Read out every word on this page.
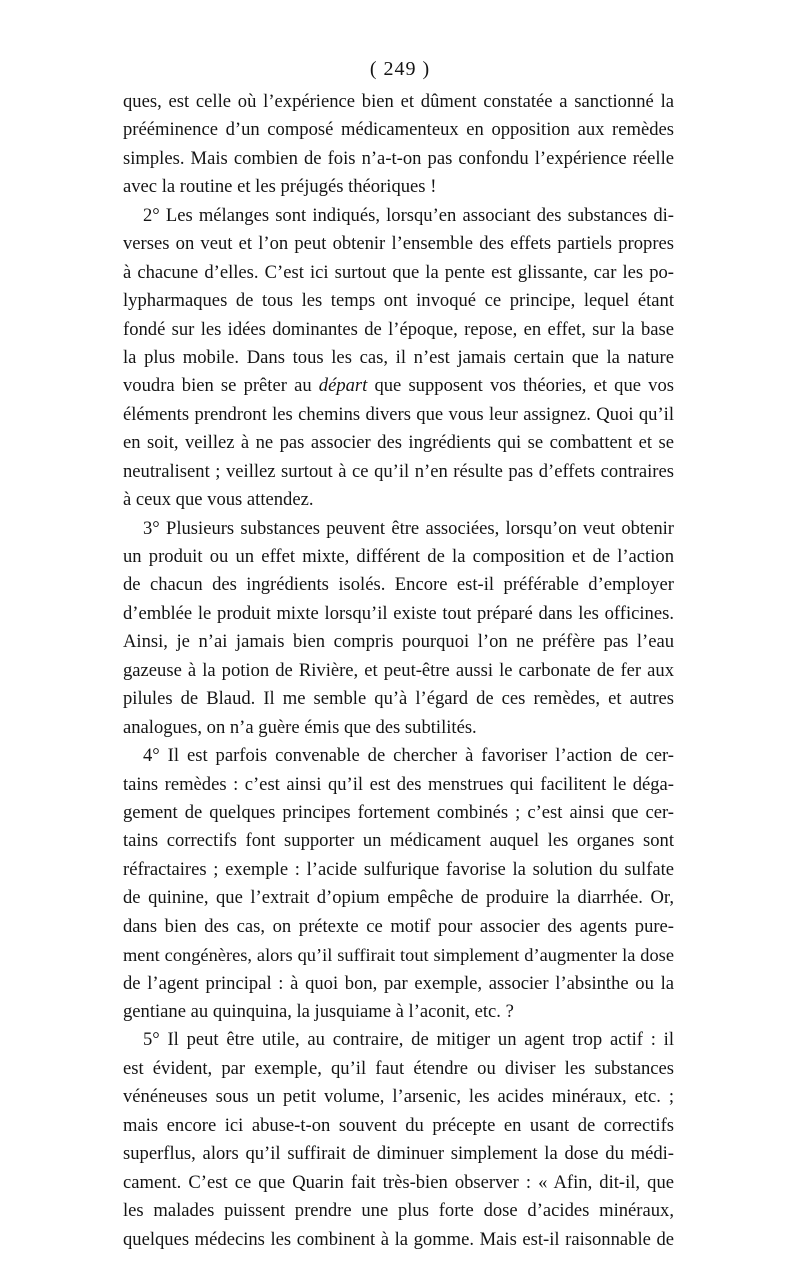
( 249 )
ques, est celle où l’expérience bien et dûment constatée a sanctionné la
prééminence d’un composé médicamenteux en opposition aux remèdes
simples. Mais combien de fois n’a-t-on pas confondu l’expérience réelle
avec la routine et les préjugés théoriques !
2° Les mélanges sont indiqués, lorsqu’en associant des substances di-
verses on veut et l’on peut obtenir l’ensemble des effets partiels propres
à chacune d’elles. C’est ici surtout que la pente est glissante, car les po-
lypharmaques de tous les temps ont invoqué ce principe, lequel étant
fondé sur les idées dominantes de l’époque, repose, en effet, sur la base
la plus mobile. Dans tous les cas, il n’est jamais certain que la nature
voudra bien se prêter au départ que supposent vos théories, et que vos
éléments prendront les chemins divers que vous leur assignez. Quoi qu’il
en soit, veillez à ne pas associer des ingrédients qui se combattent et se
neutralisent ; veillez surtout à ce qu’il n’en résulte pas d’effets contraires
à ceux que vous attendez.
3° Plusieurs substances peuvent être associées, lorsqu’on veut obtenir
un produit ou un effet mixte, différent de la composition et de l’action
de chacun des ingrédients isolés. Encore est-il préférable d’employer
d’emblée le produit mixte lorsqu’il existe tout préparé dans les officines.
Ainsi, je n’ai jamais bien compris pourquoi l’on ne préfère pas l’eau
gazeuse à la potion de Rivière, et peut-être aussi le carbonate de fer aux
pilules de Blaud. Il me semble qu’à l’égard de ces remèdes, et autres
analogues, on n’a guère émis que des subtilités.
4° Il est parfois convenable de chercher à favoriser l’action de cer-
tains remèdes : c’est ainsi qu’il est des menstrues qui facilitent le déga-
gement de quelques principes fortement combinés ; c’est ainsi que cer-
tains correctifs font supporter un médicament auquel les organes sont
réfractaires ; exemple : l’acide sulfurique favorise la solution du sulfate
de quinine, que l’extrait d’opium empêche de produire la diarrhée. Or,
dans bien des cas, on prétexte ce motif pour associer des agents pure-
ment congénères, alors qu’il suffirait tout simplement d’augmenter la dose
de l’agent principal : à quoi bon, par exemple, associer l’absinthe ou la
gentiane au quinquina, la jusquiame à l’aconit, etc. ?
5° Il peut être utile, au contraire, de mitiger un agent trop actif : il
est évident, par exemple, qu’il faut étendre ou diviser les substances
vénéneuses sous un petit volume, l’arsenic, les acides minéraux, etc. ;
mais encore ici abuse-t-on souvent du précepte en usant de correctifs
superflus, alors qu’il suffirait de diminuer simplement la dose du médi-
cament. C’est ce que Quarin fait très-bien observer : « Afin, dit-il, que
les malades puissent prendre une plus forte dose d’acides minéraux,
quelques médecins les combinent à la gomme. Mais est-il raisonnable de
